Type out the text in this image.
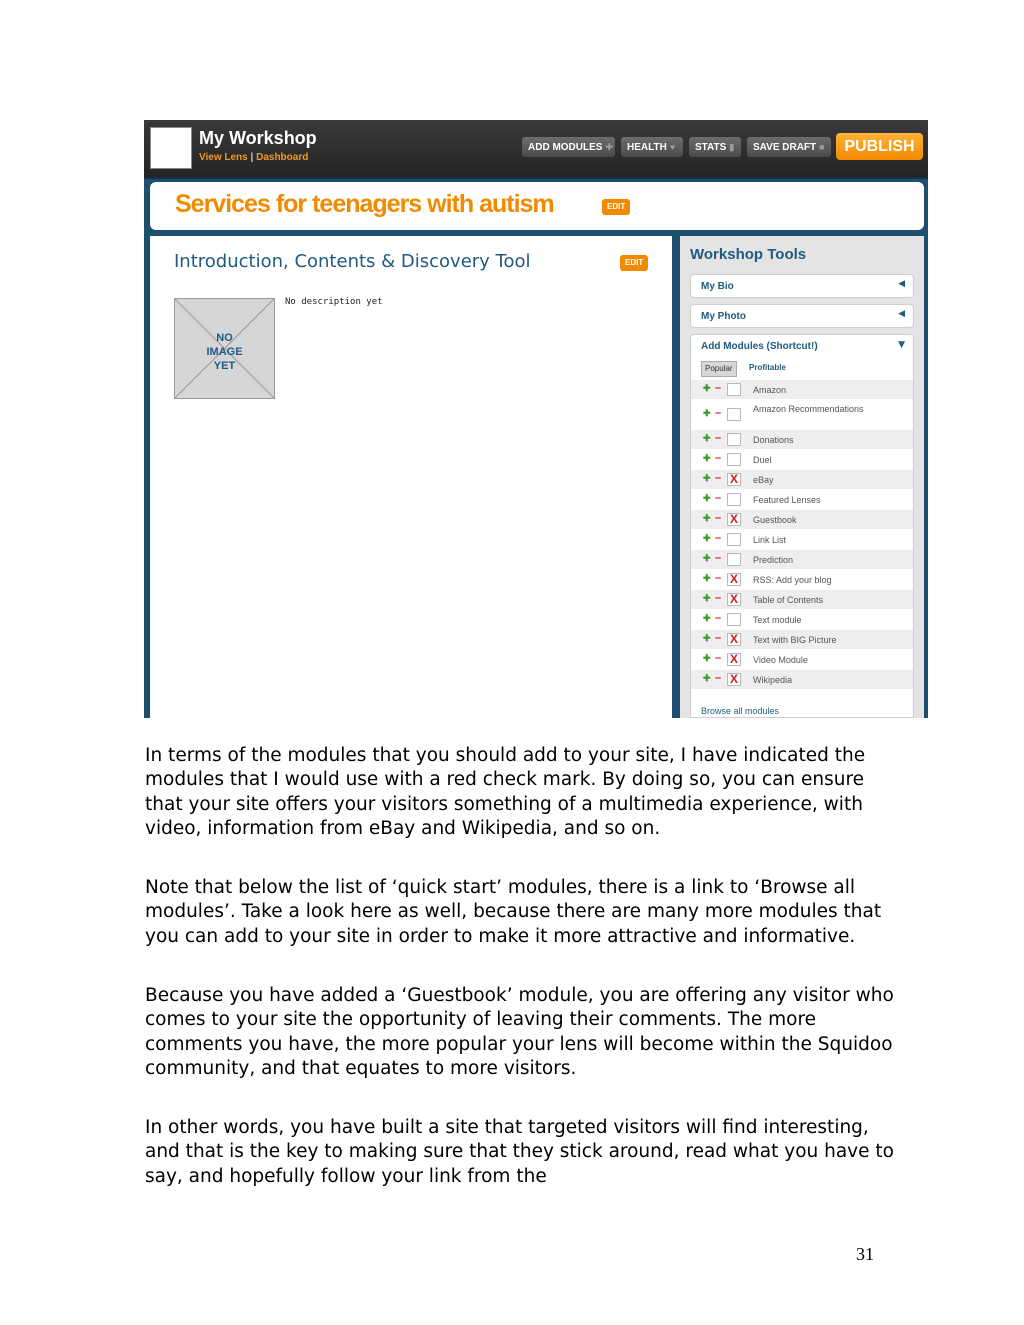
My Workshop
View Lens | Dashboard
ADD MODULES ✚	HEALTH ♥	STATS ▮	SAVE DRAFT ■	PUBLISH
Services for teenagers with autism	EDIT
Introduction, Contents & Discovery Tool	EDIT
NO
IMAGE
YET
No description yet
Workshop Tools
My Bio	◀
My Photo	◀
Add Modules (Shortcut!)	▼
Popular	Profitable
✚ –	Amazon
✚ –	Amazon Recommendations
✚ –	Donations
✚ –	Duel
✚ – X eBay
✚ –	Featured Lenses
✚ – X Guestbook
✚ –	Link List
✚ –	Prediction
✚ – X RSS: Add your blog
✚ – X Table of Contents
✚ –	Text module
✚ – X Text with BIG Picture
✚ – X Video Module
✚ – X Wikipedia
Browse all modules

In terms of the modules that you should add to your site, I have indicated the modules that I would use with a red check mark. By doing so, you can ensure that your site offers your visitors something of a multimedia experience, with video, information from eBay and Wikipedia, and so on.

Note that below the list of ‘quick start’ modules, there is a link to ‘Browse all modules’. Take a look here as well, because there are many more modules that you can add to your site in order to make it more attractive and informative.

Because you have added a ‘Guestbook’ module, you are offering any visitor who comes to your site the opportunity of leaving their comments. The more comments you have, the more popular your lens will become within the Squidoo community, and that equates to more visitors.

In other words, you have built a site that targeted visitors will find interesting, and that is the key to making sure that they stick around, read what you have to say, and hopefully follow your link from the

31
